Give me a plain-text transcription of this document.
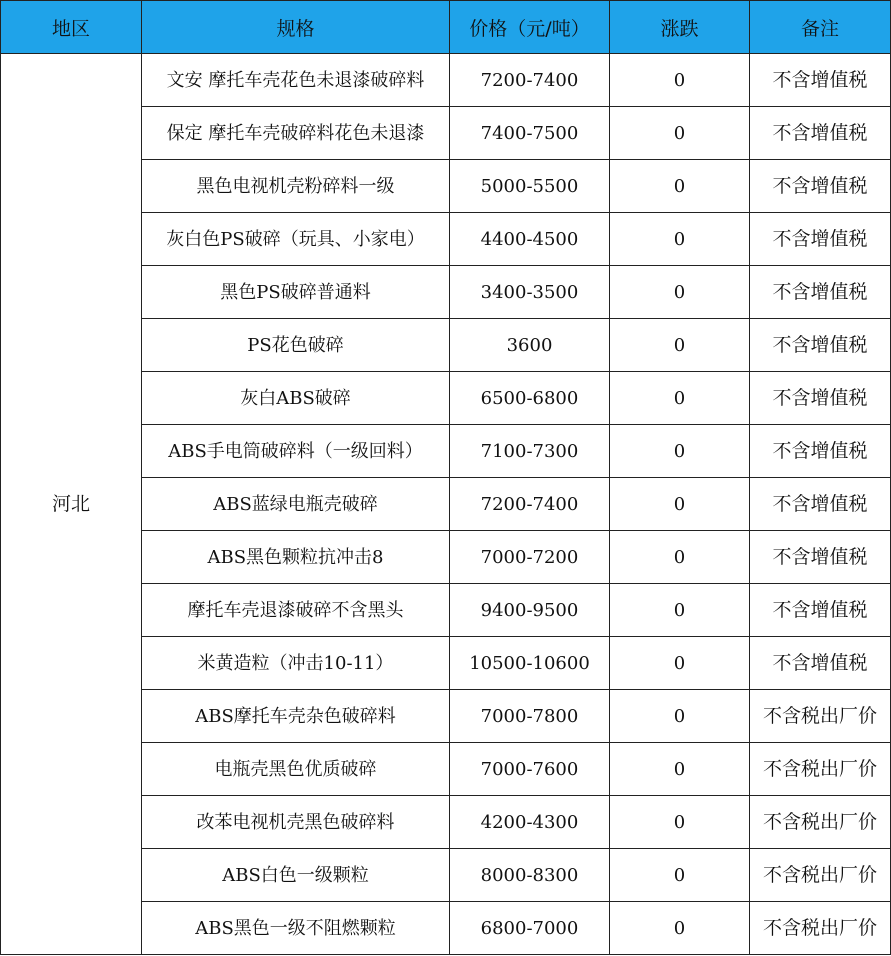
地区	规格	价格（元/吨）	涨跌	备注
河北	文安 摩托车壳花色未退漆破碎料	7200-7400	0	不含增值税
	保定 摩托车壳破碎料花色未退漆	7400-7500	0	不含增值税
	黑色电视机壳粉碎料一级	5000-5500	0	不含增值税
	灰白色PS破碎（玩具、小家电）	4400-4500	0	不含增值税
	黑色PS破碎普通料	3400-3500	0	不含增值税
	PS花色破碎	3600	0	不含增值税
	灰白ABS破碎	6500-6800	0	不含增值税
	ABS手电筒破碎料（一级回料）	7100-7300	0	不含增值税
	ABS蓝绿电瓶壳破碎	7200-7400	0	不含增值税
	ABS黑色颗粒抗冲击8	7000-7200	0	不含增值税
	摩托车壳退漆破碎不含黑头	9400-9500	0	不含增值税
	米黄造粒（冲击10-11）	10500-10600	0	不含增值税
	ABS摩托车壳杂色破碎料	7000-7800	0	不含税出厂价
	电瓶壳黑色优质破碎	7000-7600	0	不含税出厂价
	改苯电视机壳黑色破碎料	4200-4300	0	不含税出厂价
	ABS白色一级颗粒	8000-8300	0	不含税出厂价
	ABS黑色一级不阻燃颗粒	6800-7000	0	不含税出厂价
